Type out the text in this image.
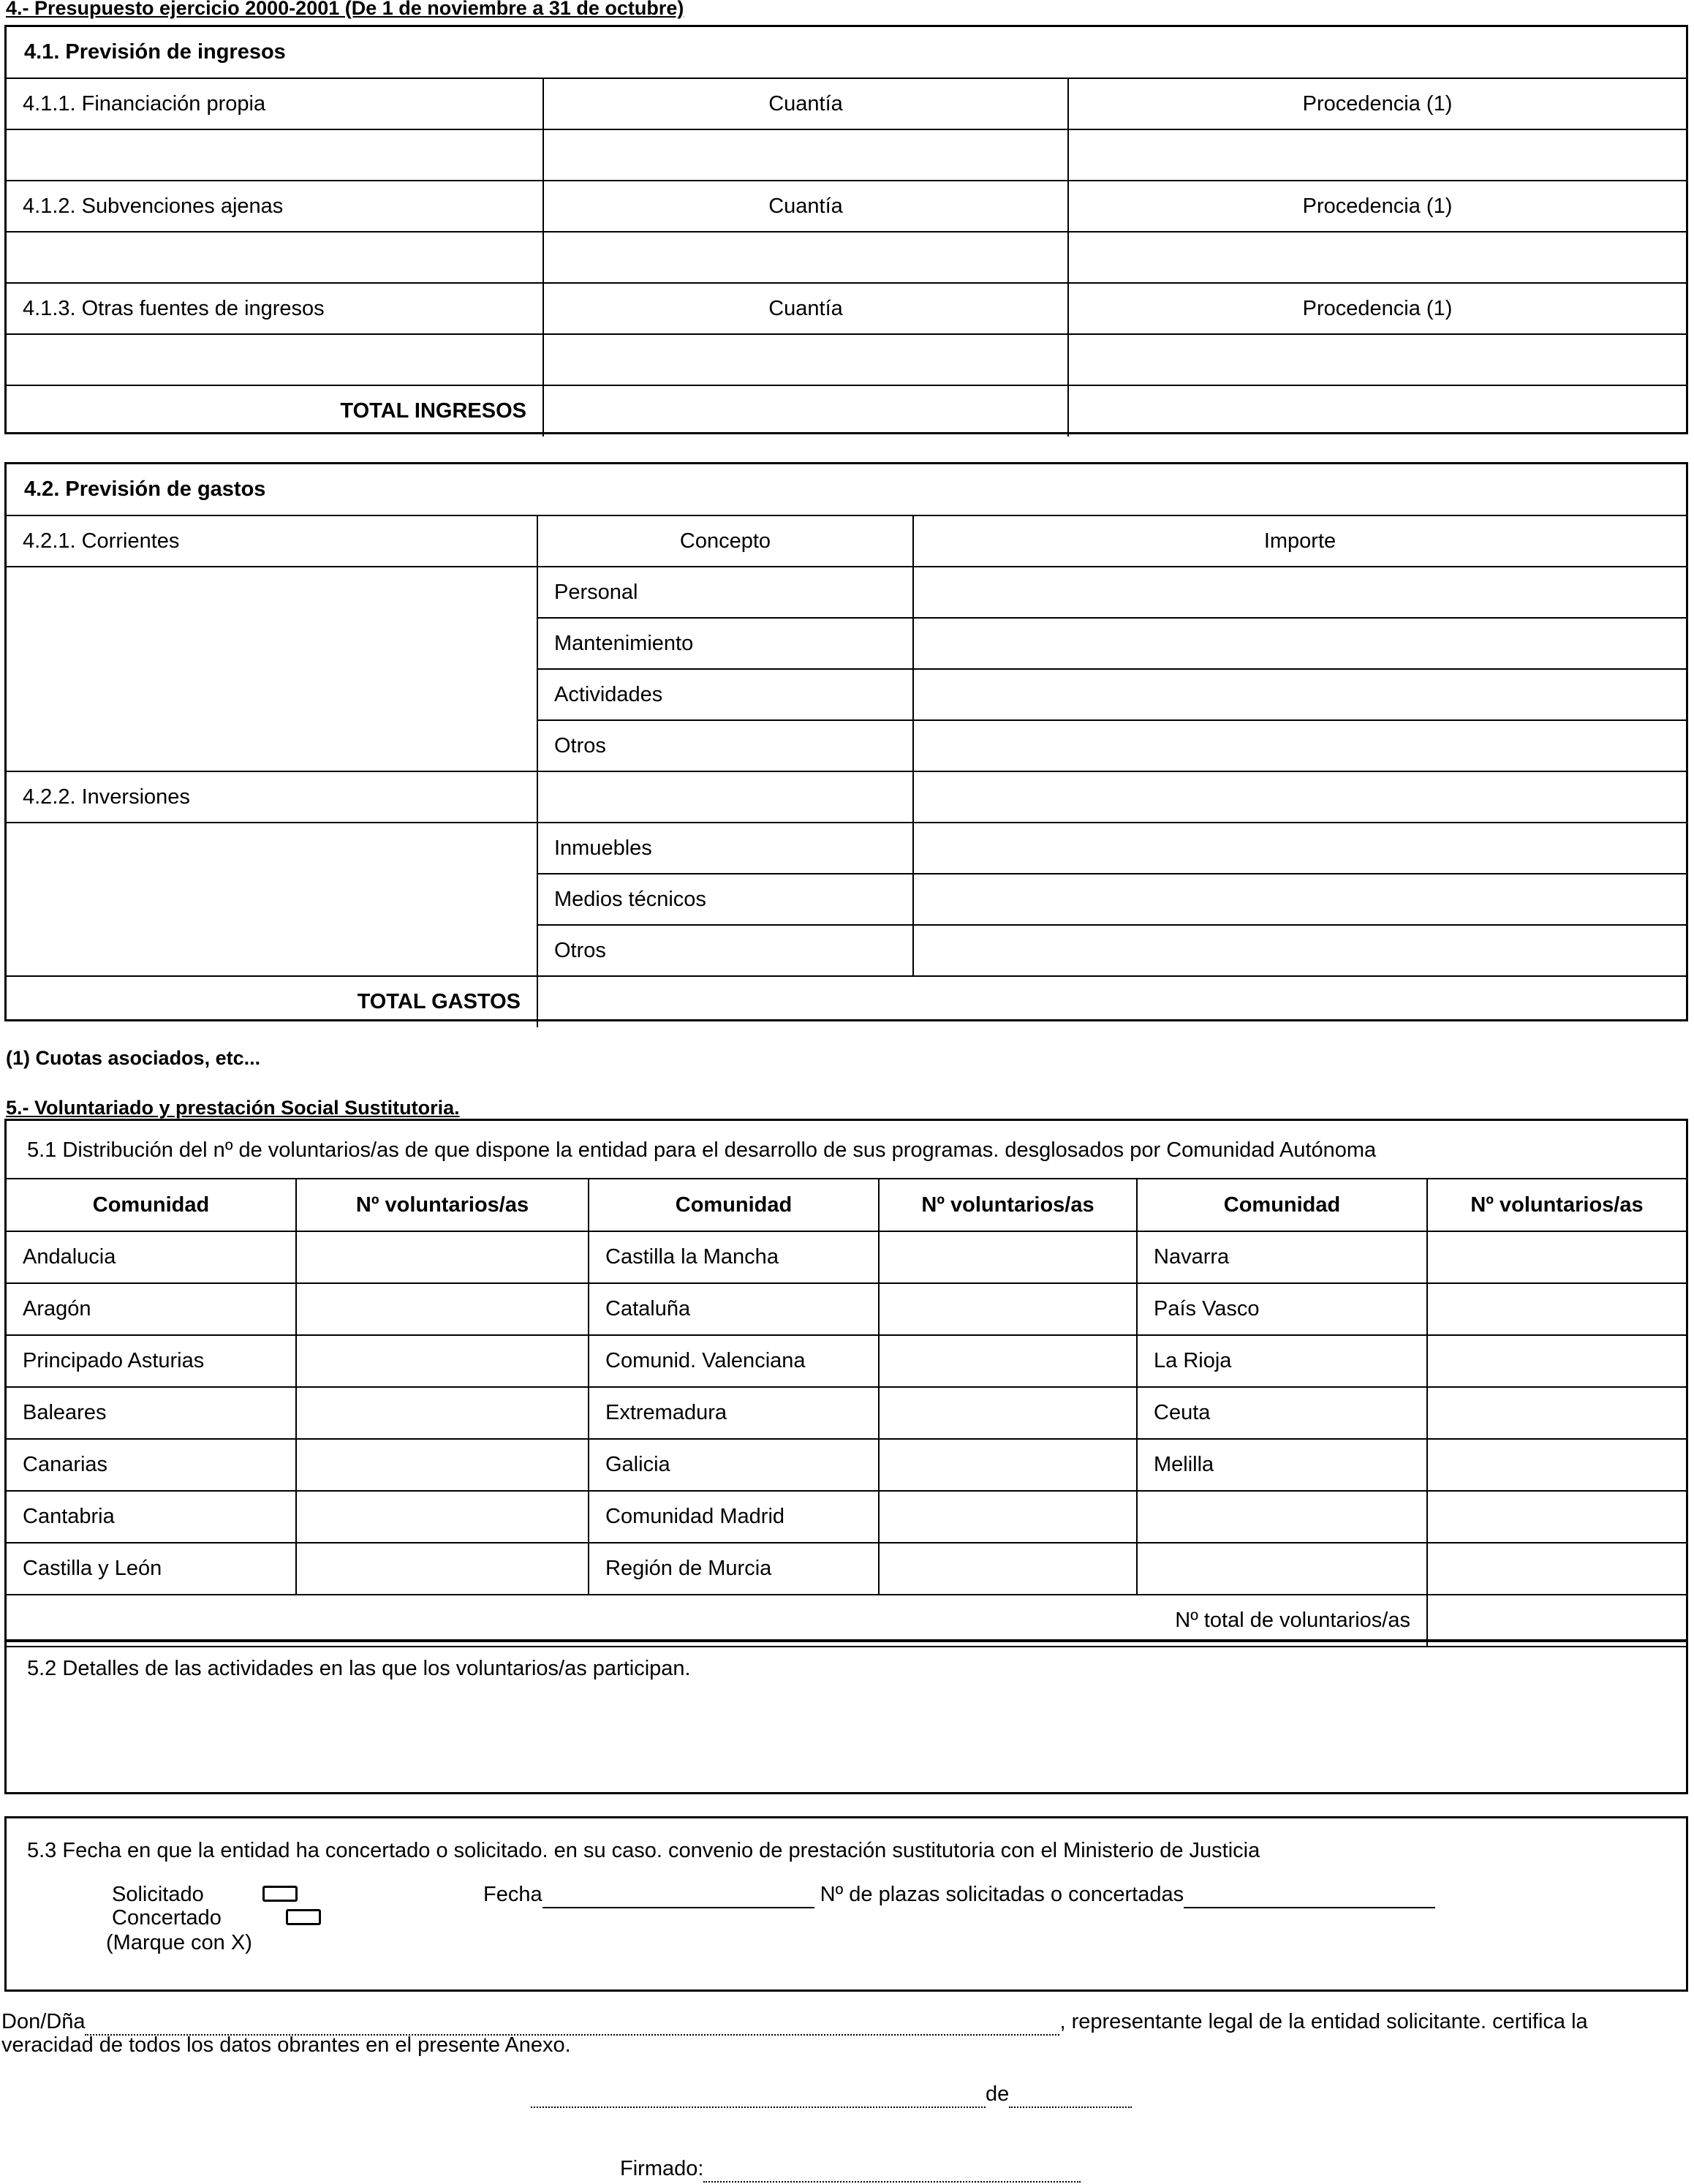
4.- Presupuesto ejercicio 2000-2001 (De 1 de noviembre a 31 de octubre)
4.1. Previsión de ingresos		
4.1.1. Financiación propia	Cuantía	Procedencia (1)

4.1.2. Subvenciones ajenas	Cuantía	Procedencia (1)

4.1.3. Otras fuentes de ingresos	Cuantía	Procedencia (1)

TOTAL INGRESOS		
4.2. Previsión de gastos		
4.2.1. Corrientes	Concepto	Importe
	Personal	
	Mantenimiento	
	Actividades	
	Otros	
4.2.2. Inversiones		
	Inmuebles	
	Medios técnicos	
	Otros	
TOTAL GASTOS		
(1) Cuotas asociados, etc...
5.- Voluntariado y prestación Social Sustitutoria.
5.1 Distribución del nº de voluntarios/as de que dispone la entidad para el desarrollo de sus programas. desglosados por Comunidad Autónoma
Comunidad	Nº voluntarios/as	Comunidad	Nº voluntarios/as	Comunidad	Nº voluntarios/as
Andalucia		Castilla la Mancha		Navarra	
Aragón		Cataluña		País Vasco	
Principado Asturias		Comunid. Valenciana		La Rioja	
Baleares		Extremadura		Ceuta	
Canarias		Galicia		Melilla	
Cantabria		Comunidad Madrid			
Castilla y León		Región de Murcia			
Nº total de voluntarios/as					
5.2 Detalles de las actividades en las que los voluntarios/as participan.
5.3 Fecha en que la entidad ha concertado o solicitado. en su caso. convenio de prestación sustitutoria con el Ministerio de Justicia
Solicitado
Concertado
(Marque con X)
Fecha	Nº de plazas solicitadas o concertadas
Don/Dña	, representante legal de la entidad solicitante. certifica la
veracidad de todos los datos obrantes en el presente Anexo.
de
Firmado:
